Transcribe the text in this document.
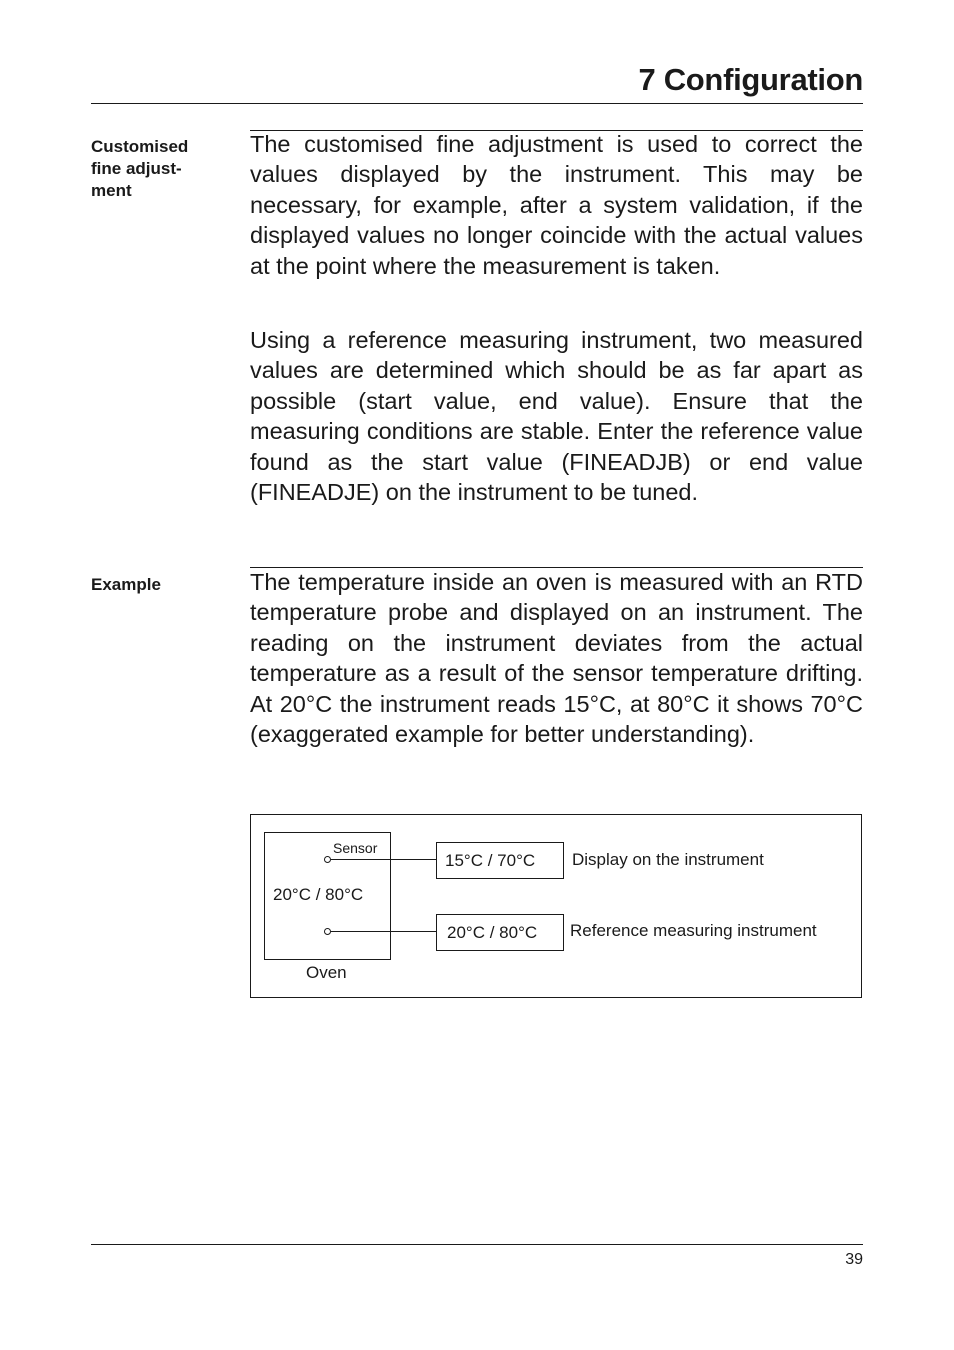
7 Configuration
Customised fine adjust-ment

The customised fine adjustment is used to correct the values displayed by the instrument. This may be necessary, for example, after a system validation, if the displayed values no longer coincide with the actual values at the point where the measurement is taken.

Using a reference measuring instrument, two measured values are determined which should be as far apart as possible (start value, end value). Ensure that the measuring conditions are stable. Enter the reference value found as the start value (FINEADJB) or end value (FINEADJE) on the instrument to be tuned.

Example	The temperature inside an oven is measured with an RTD temperature probe and displayed on an instrument. The reading on the instrument deviates from the actual temperature as a result of the sensor temperature drifting. At 20°C the instrument reads 15°C, at 80°C it shows 70°C (exaggerated example for better understanding).

Sensor
20°C / 80°C
Oven
15°C / 70°C Display on the instrument
20°C / 80°C Reference measuring instrument
39
